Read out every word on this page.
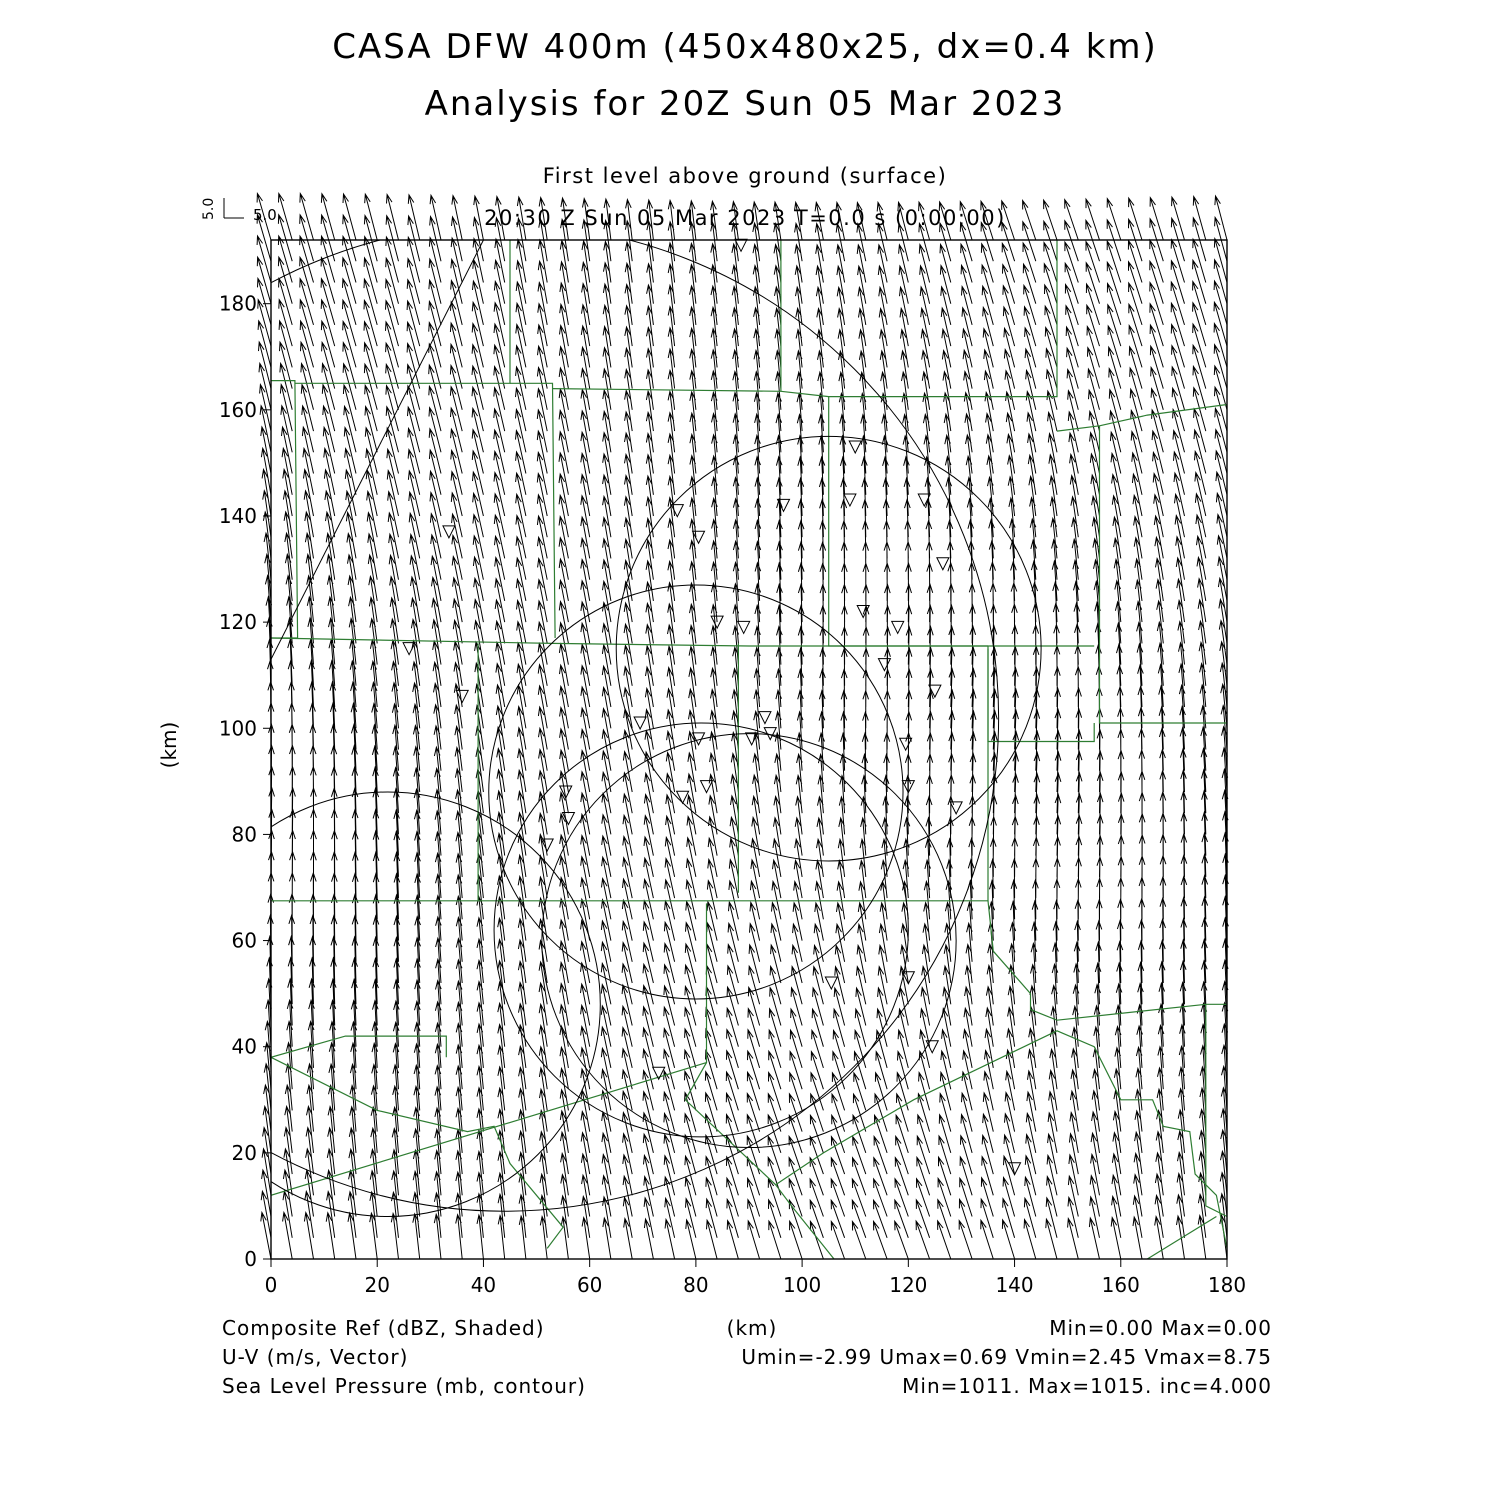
CASA DFW 400m (450x480x25, dx=0.4 km)
Analysis for 20Z Sun 05 Mar 2023
First level above ground (surface)
20:30 Z Sun 05 Mar 2023 T=0.0 s (0:00:00)
5.0 5.0
0	20	40	60	80	100	120	140	160	180
0
20
40
60
80
100
120
140
160
180
(km)
Composite Ref (dBZ, Shaded)
U-V (m/s, Vector)
Sea Level Pressure (mb, contour)
(km)	Min=0.00 Max=0.00
Umin=-2.99 Umax=0.69 Vmin=2.45 Vmax=8.75
Min=1011. Max=1015. inc=4.000
